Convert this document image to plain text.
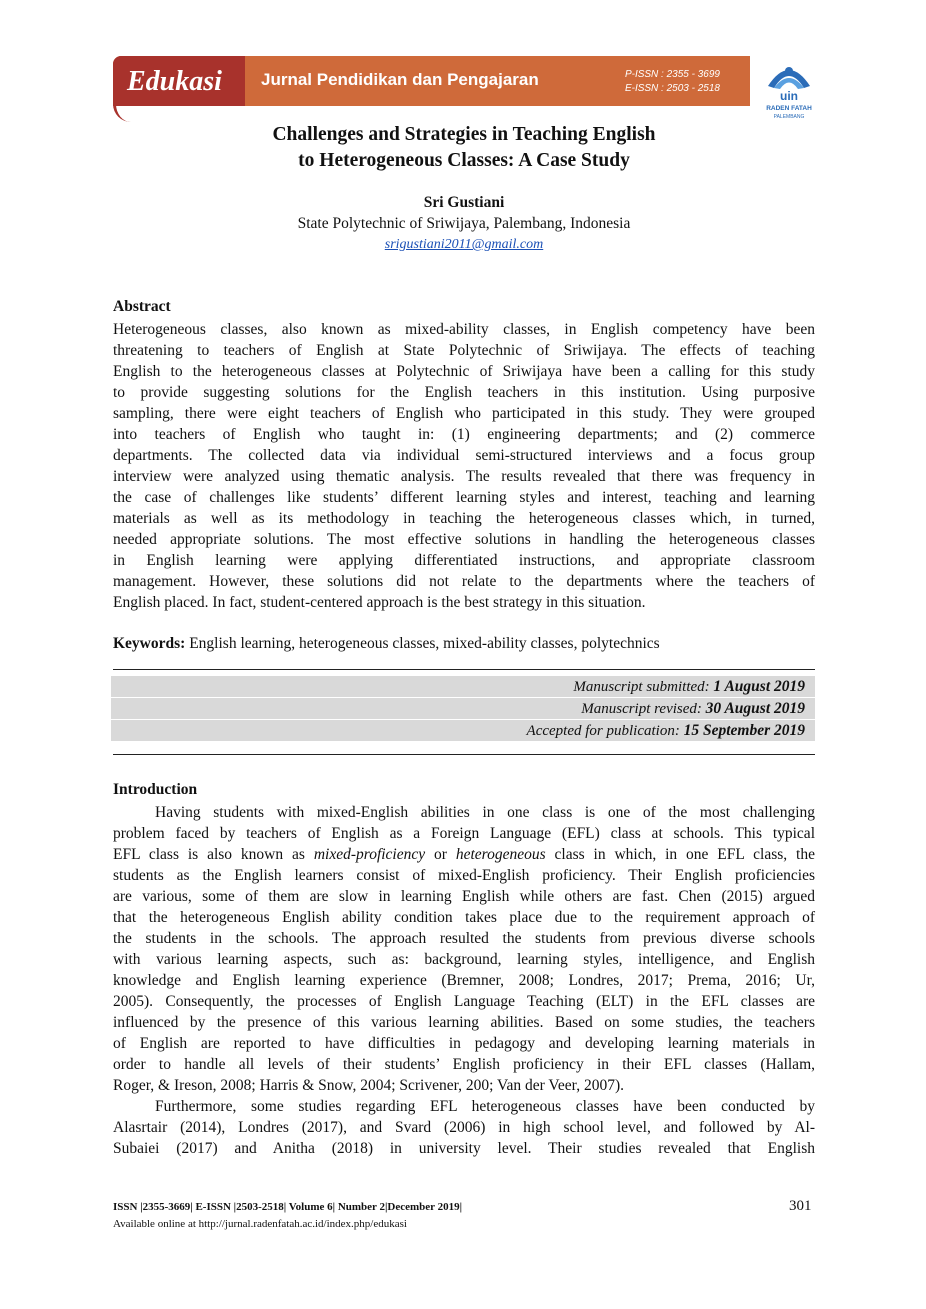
Edukasi Jurnal Pendidikan dan Pengajaran	P-ISSN : 2355 - 3699
E-ISSN : 2503 - 2518
uin
RADEN FATAH
PALEMBANG
Challenges and Strategies in Teaching English
to Heterogeneous Classes: A Case Study
Sri Gustiani
State Polytechnic of Sriwijaya, Palembang, Indonesia
srigustiani2011@gmail.com
Abstract
Heterogeneous classes, also known as mixed-ability classes, in English competency have been
threatening to teachers of English at State Polytechnic of Sriwijaya. The effects of teaching
English to the heterogeneous classes at Polytechnic of Sriwijaya have been a calling for this study
to provide suggesting solutions for the English teachers in this institution. Using purposive
sampling, there were eight teachers of English who participated in this study. They were grouped
into teachers of English who taught in: (1) engineering departments; and (2) commerce
departments. The collected data via individual semi-structured interviews and a focus group
interview were analyzed using thematic analysis. The results revealed that there was frequency in
the case of challenges like students’ different learning styles and interest, teaching and learning
materials as well as its methodology in teaching the heterogeneous classes which, in turned,
needed appropriate solutions. The most effective solutions in handling the heterogeneous classes
in English learning were applying differentiated instructions, and appropriate classroom
management. However, these solutions did not relate to the departments where the teachers of
English placed. In fact, student-centered approach is the best strategy in this situation.
Keywords: English learning, heterogeneous classes, mixed-ability classes, polytechnics
Manuscript submitted: 1 August 2019
Manuscript revised: 30 August 2019
Accepted for publication: 15 September 2019
Introduction
Having students with mixed-English abilities in one class is one of the most challenging
problem faced by teachers of English as a Foreign Language (EFL) class at schools. This typical
EFL class is also known as mixed-proficiency or heterogeneous class in which, in one EFL class, the
students as the English learners consist of mixed-English proficiency. Their English proficiencies
are various, some of them are slow in learning English while others are fast. Chen (2015) argued
that the heterogeneous English ability condition takes place due to the requirement approach of
the students in the schools. The approach resulted the students from previous diverse schools
with various learning aspects, such as: background, learning styles, intelligence, and English
knowledge and English learning experience (Bremner, 2008; Londres, 2017; Prema, 2016; Ur,
2005). Consequently, the processes of English Language Teaching (ELT) in the EFL classes are
influenced by the presence of this various learning abilities. Based on some studies, the teachers
of English are reported to have difficulties in pedagogy and developing learning materials in
order to handle all levels of their students’ English proficiency in their EFL classes (Hallam,
Roger, & Ireson, 2008; Harris & Snow, 2004; Scrivener, 200; Van der Veer, 2007).
Furthermore, some studies regarding EFL heterogeneous classes have been conducted by
Alasrtair (2014), Londres (2017), and Svard (2006) in high school level, and followed by Al-
Subaiei (2017) and Anitha (2018) in university level. Their studies revealed that English
ISSN |2355-3669| E-ISSN |2503-2518| Volume 6| Number 2|December 2019|
Available online at http://jurnal.radenfatah.ac.id/index.php/edukasi
301
